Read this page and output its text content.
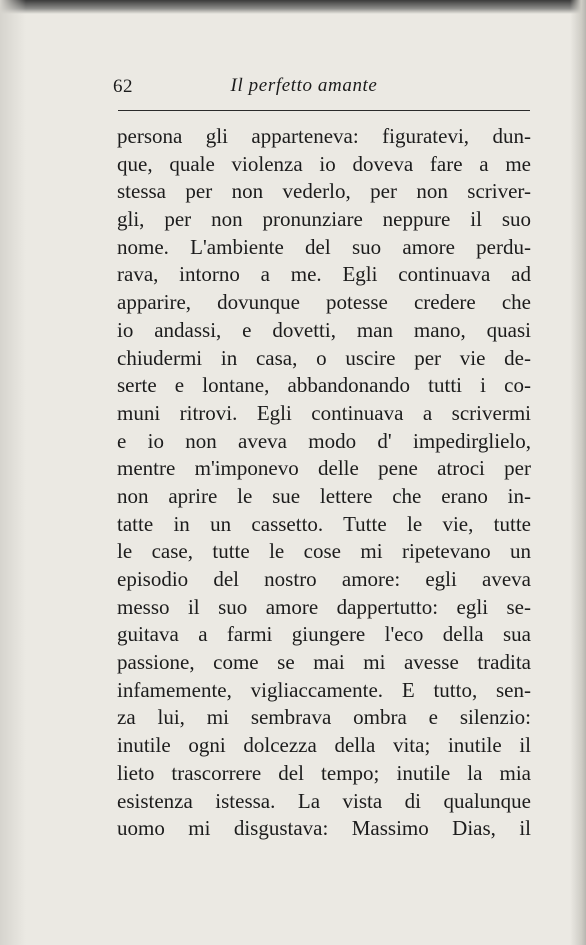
62	Il perfetto amante
persona gli apparteneva: figuratevi, dun-
que, quale violenza io doveva fare a me
stessa per non vederlo, per non scriver-
gli, per non pronunziare neppure il suo
nome. L'ambiente del suo amore perdu-
rava, intorno a me. Egli continuava ad
apparire, dovunque potesse credere che
io andassi, e dovetti, man mano, quasi
chiudermi in casa, o uscire per vie de-
serte e lontane, abbandonando tutti i co-
muni ritrovi. Egli continuava a scrivermi
e io non aveva modo d' impedirglielo,
mentre m'imponevo delle pene atroci per
non aprire le sue lettere che erano in-
tatte in un cassetto. Tutte le vie, tutte
le case, tutte le cose mi ripetevano un
episodio del nostro amore: egli aveva
messo il suo amore dappertutto: egli se-
guitava a farmi giungere l'eco della sua
passione, come se mai mi avesse tradita
infamemente, vigliaccamente. E tutto, sen-
za lui, mi sembrava ombra e silenzio:
inutile ogni dolcezza della vita; inutile il
lieto trascorrere del tempo; inutile la mia
esistenza istessa. La vista di qualunque
uomo mi disgustava: Massimo Dias, il
